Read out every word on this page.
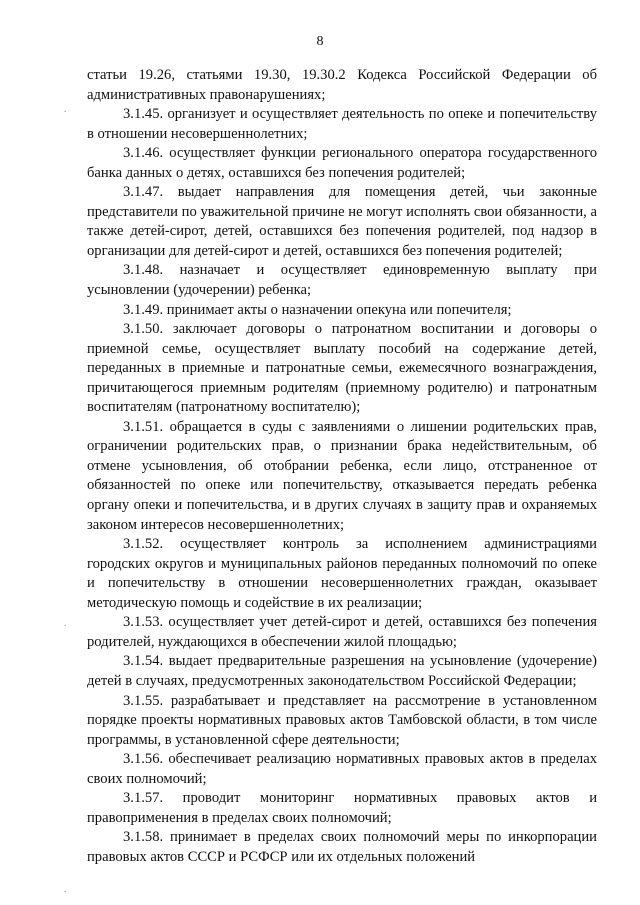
8

статьи 19.26, статьями 19.30, 19.30.2 Кодекса Российской Федерации об административных правонарушениях;

3.1.45. организует и осуществляет деятельность по опеке и попечительству в отношении несовершеннолетних;

3.1.46. осуществляет функции регионального оператора государственного банка данных о детях, оставшихся без попечения родителей;

3.1.47. выдает направления для помещения детей, чьи законные представители по уважительной причине не могут исполнять свои обязанности, а также детей-сирот, детей, оставшихся без попечения родителей, под надзор в организации для детей-сирот и детей, оставшихся без попечения родителей;

3.1.48. назначает и осуществляет единовременную выплату при усыновлении (удочерении) ребенка;

3.1.49. принимает акты о назначении опекуна или попечителя;

3.1.50. заключает договоры о патронатном воспитании и договоры о приемной семье, осуществляет выплату пособий на содержание детей, переданных в приемные и патронатные семьи, ежемесячного вознаграждения, причитающегося приемным родителям (приемному родителю) и патронатным воспитателям (патронатному воспитателю);

3.1.51. обращается в суды с заявлениями о лишении родительских прав, ограничении родительских прав, о признании брака недействительным, об отмене усыновления, об отобрании ребенка, если лицо, отстраненное от обязанностей по опеке или попечительству, отказывается передать ребенка органу опеки и попечительства, и в других случаях в защиту прав и охраняемых законом интересов несовершеннолетних;

3.1.52. осуществляет контроль за исполнением администрациями городских округов и муниципальных районов переданных полномочий по опеке и попечительству в отношении несовершеннолетних граждан, оказывает методическую помощь и содействие в их реализации;

3.1.53. осуществляет учет детей-сирот и детей, оставшихся без попечения родителей, нуждающихся в обеспечении жилой площадью;

3.1.54. выдает предварительные разрешения на усыновление (удочерение) детей в случаях, предусмотренных законодательством Российской Федерации;

3.1.55. разрабатывает и представляет на рассмотрение в установленном порядке проекты нормативных правовых актов Тамбовской области, в том числе программы, в установленной сфере деятельности;

3.1.56. обеспечивает реализацию нормативных правовых актов в пределах своих полномочий;

3.1.57. проводит мониторинг нормативных правовых актов и правоприменения в пределах своих полномочий;

3.1.58. принимает в пределах своих полномочий меры по инкорпорации правовых актов СССР и РСФСР или их отдельных положений

.
.
.
